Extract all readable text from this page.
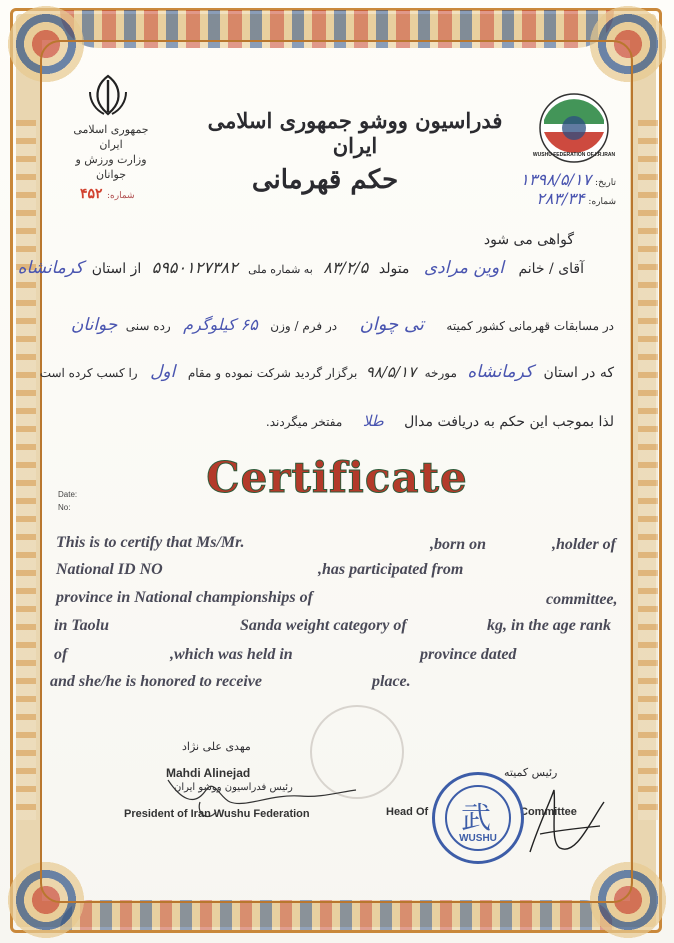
جمهوری اسلامی ایران
وزارت ورزش و جوانان
فدراسیون ووشو جمهوری اسلامی ایران	WUSHU FEDERATION OF I.R.IRAN
حکم قهرمانی
شماره: ۴۵۲
تاریخ: ۱۳۹۸/۵/۱۷
شماره: ۲۸۳/۳۴
گواهی می شود
آقای / خانم اوین مرادی متولد ۸۳/۲/۵ به شماره ملی ۵۹۵۰۱۲۷۳۸۲ از استان کرمانشاه
در مسابقات قهرمانی کشور کمیته تی چوان در فرم / وزن ۶۵ کیلوگرم رده سنی جوانان
که در استان کرمانشاه مورخه ۹۸/۵/۱۷ برگزار گردید شرکت نموده و مقام اول را کسب کرده است
لذا بموجب این حکم به دریافت مدال طلا مفتخر میگردند.
Certificate
Date:
No:
This is to certify that Ms/Mr.	,born on	,holder of
National ID NO	,has participated from
province in National championships of	committee,
in Taolu	Sanda weight category of	kg, in the age rank
of	,which was held in	province dated
and she/he is honored to receive	place.
مهدی علی نژاد
Mahdi Alinejad
رئیس فدراسیون ووشو ایران
President of Iran Wushu Federation
رئیس کمیته
Head Of	Committee
武
WUSHU
